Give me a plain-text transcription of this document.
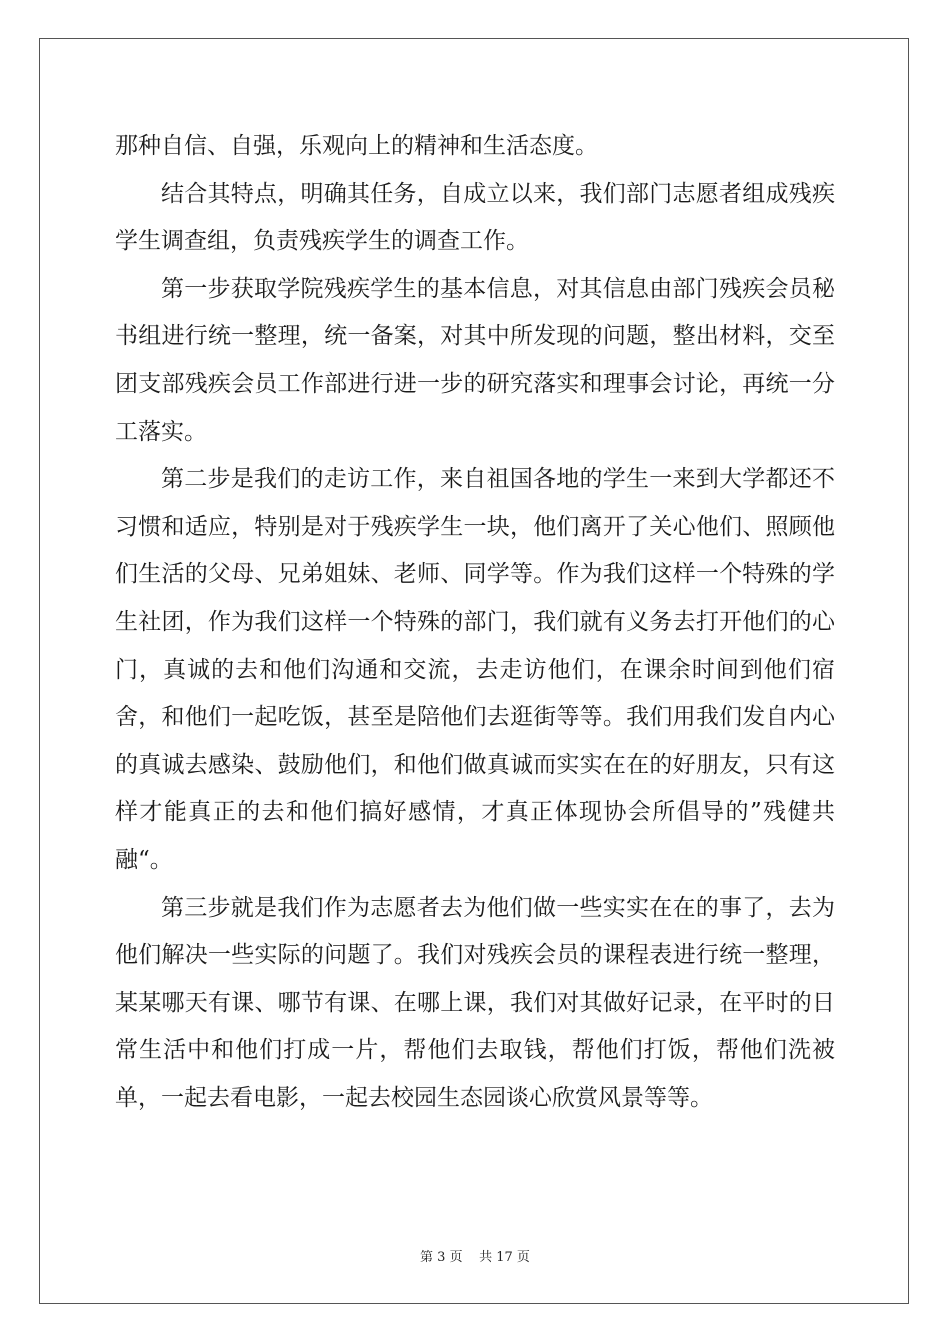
那种自信、自强，乐观向上的精神和生活态度。

结合其特点，明确其任务，自成立以来，我们部门志愿者组成残疾学生调查组，负责残疾学生的调查工作。

第一步获取学院残疾学生的基本信息，对其信息由部门残疾会员秘书组进行统一整理，统一备案，对其中所发现的问题，整出材料，交至团支部残疾会员工作部进行进一步的研究落实和理事会讨论，再统一分工落实。

第二步是我们的走访工作，来自祖国各地的学生一来到大学都还不习惯和适应，特别是对于残疾学生一块，他们离开了关心他们、照顾他们生活的父母、兄弟姐妹、老师、同学等。作为我们这样一个特殊的学生社团，作为我们这样一个特殊的部门，我们就有义务去打开他们的心门，真诚的去和他们沟通和交流，去走访他们，在课余时间到他们宿舍，和他们一起吃饭，甚至是陪他们去逛街等等。我们用我们发自内心的真诚去感染、鼓励他们，和他们做真诚而实实在在的好朋友，只有这样才能真正的去和他们搞好感情，才真正体现协会所倡导的”残健共融“。

第三步就是我们作为志愿者去为他们做一些实实在在的事了，去为他们解决一些实际的问题了。我们对残疾会员的课程表进行统一整理，某某哪天有课、哪节有课、在哪上课，我们对其做好记录，在平时的日常生活中和他们打成一片，帮他们去取钱，帮他们打饭，帮他们洗被单，一起去看电影，一起去校园生态园谈心欣赏风景等等。

第 3 页 共 17 页
